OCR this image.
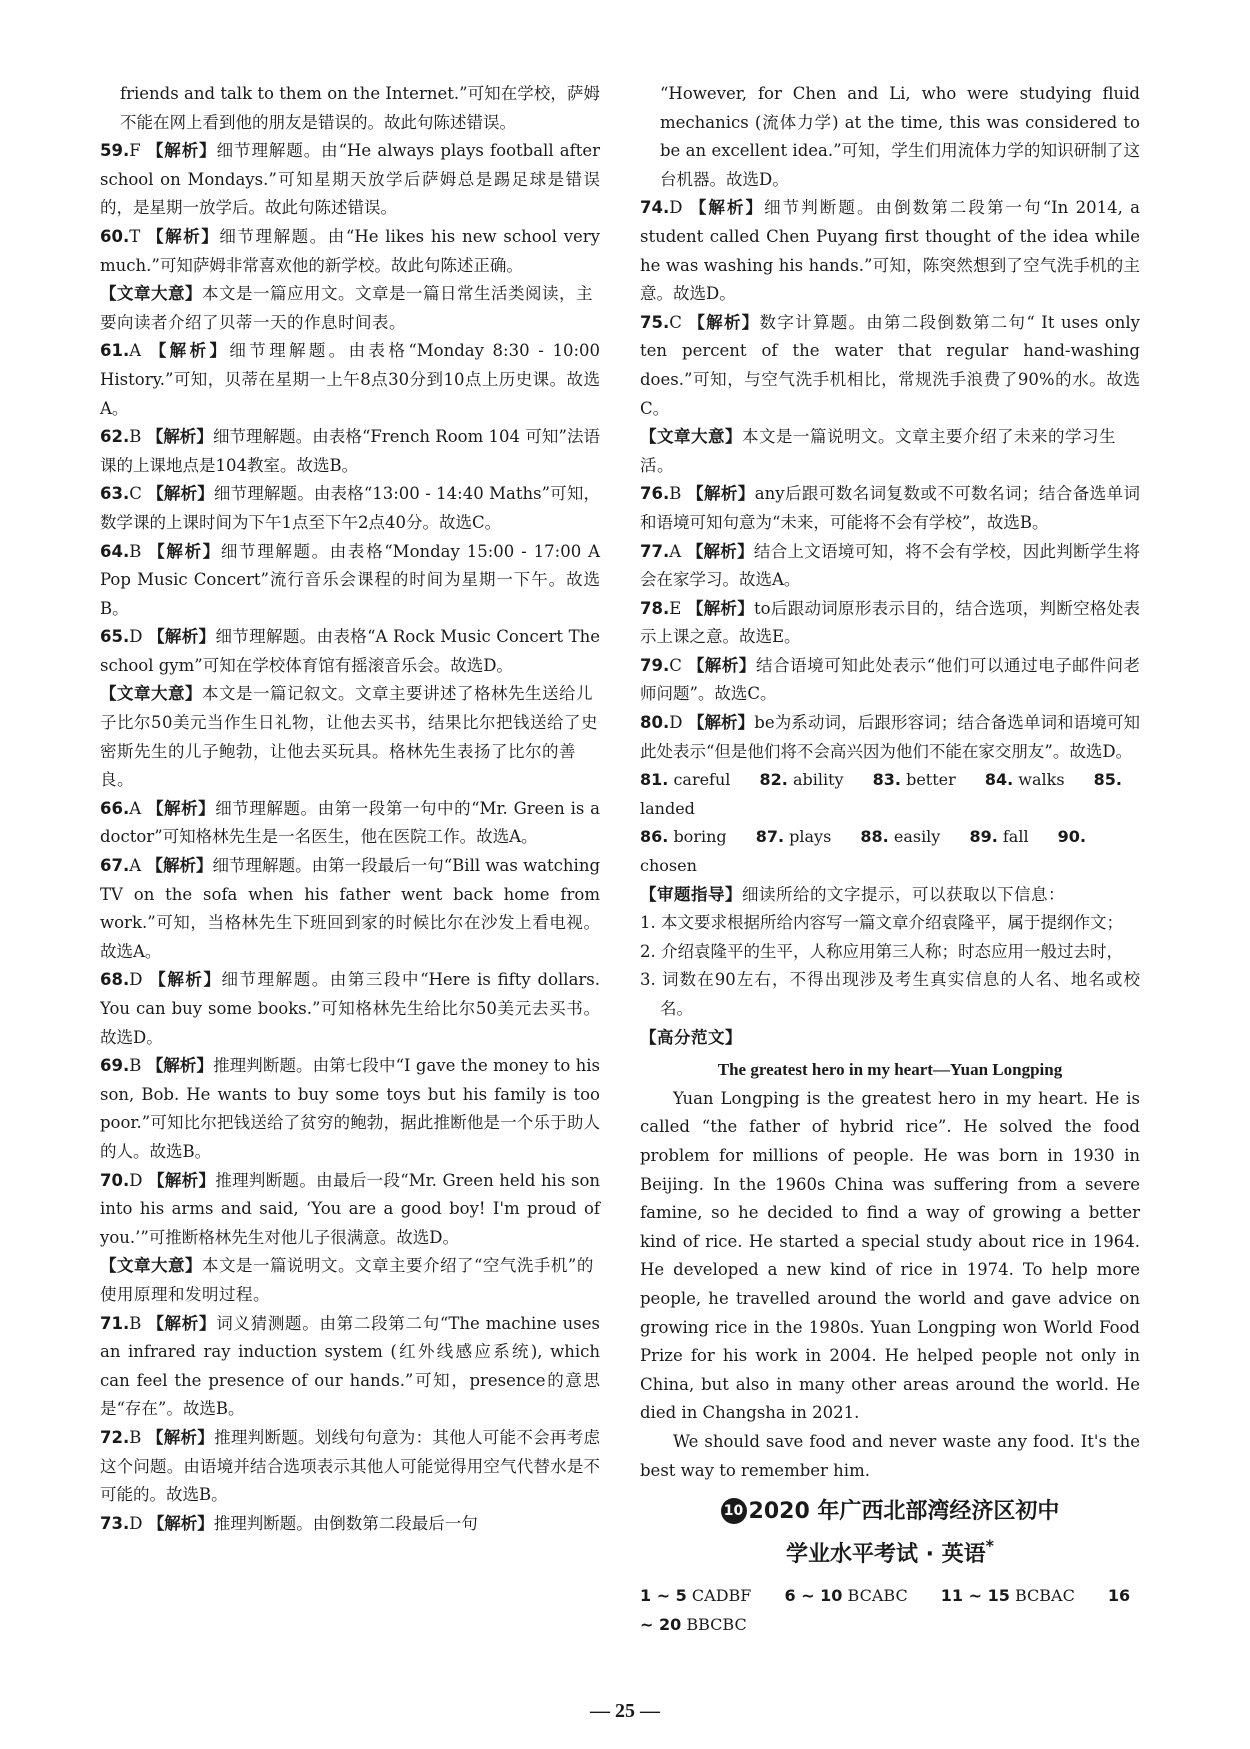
friends and talk to them on the Internet.”可知在学校，萨姆不能在网上看到他的朋友是错误的。故此句陈述错误。

59.F 【解析】细节理解题。由“He always plays football after school on Mondays.”可知星期天放学后萨姆总是踢足球是错误的，是星期一放学后。故此句陈述错误。

60.T 【解析】细节理解题。由“He likes his new school very much.”可知萨姆非常喜欢他的新学校。故此句陈述正确。

【文章大意】本文是一篇应用文。文章是一篇日常生活类阅读，主要向读者介绍了贝蒂一天的作息时间表。

61.A 【解析】细节理解题。由表格“Monday 8:30 - 10:00 History.”可知，贝蒂在星期一上午8点30分到10点上历史课。故选A。

62.B 【解析】细节理解题。由表格“French Room 104 可知”法语课的上课地点是104教室。故选B。

63.C 【解析】细节理解题。由表格“13:00 - 14:40 Maths”可知，数学课的上课时间为下午1点至下午2点40分。故选C。

64.B 【解析】细节理解题。由表格“Monday 15:00 - 17:00 A Pop Music Concert”流行音乐会课程的时间为星期一下午。故选B。

65.D 【解析】细节理解题。由表格“A Rock Music Concert The school gym”可知在学校体育馆有摇滚音乐会。故选D。

【文章大意】本文是一篇记叙文。文章主要讲述了格林先生送给儿子比尔50美元当作生日礼物，让他去买书，结果比尔把钱送给了史密斯先生的儿子鲍勃，让他去买玩具。格林先生表扬了比尔的善良。

66.A 【解析】细节理解题。由第一段第一句中的“Mr. Green is a doctor”可知格林先生是一名医生，他在医院工作。故选A。

67.A 【解析】细节理解题。由第一段最后一句“Bill was watching TV on the sofa when his father went back home from work.”可知，当格林先生下班回到家的时候比尔在沙发上看电视。故选A。

68.D 【解析】细节理解题。由第三段中“Here is fifty dollars. You can buy some books.”可知格林先生给比尔50美元去买书。故选D。

69.B 【解析】推理判断题。由第七段中“I gave the money to his son, Bob. He wants to buy some toys but his family is too poor.”可知比尔把钱送给了贫穷的鲍勃，据此推断他是一个乐于助人的人。故选B。

70.D 【解析】推理判断题。由最后一段“Mr. Green held his son into his arms and said, ‘You are a good boy! I'm proud of you.’”可推断格林先生对他儿子很满意。故选D。

【文章大意】本文是一篇说明文。文章主要介绍了“空气洗手机”的使用原理和发明过程。

71.B 【解析】词义猜测题。由第二段第二句“The machine uses an infrared ray induction system (红外线感应系统), which can feel the presence of our hands.”可知，presence的意思是“存在”。故选B。

72.B 【解析】推理判断题。划线句句意为：其他人可能不会再考虑这个问题。由语境并结合选项表示其他人可能觉得用空气代替水是不可能的。故选B。

73.D 【解析】推理判断题。由倒数第二段最后一句

“However, for Chen and Li, who were studying fluid mechanics (流体力学) at the time, this was considered to be an excellent idea.”可知，学生们用流体力学的知识研制了这台机器。故选D。

74.D 【解析】细节判断题。由倒数第二段第一句“In 2014, a student called Chen Puyang first thought of the idea while he was washing his hands.”可知，陈突然想到了空气洗手机的主意。故选D。

75.C 【解析】数字计算题。由第二段倒数第二句“ It uses only ten percent of the water that regular hand-washing does.”可知，与空气洗手机相比，常规洗手浪费了90%的水。故选C。

【文章大意】本文是一篇说明文。文章主要介绍了未来的学习生活。

76.B 【解析】any后跟可数名词复数或不可数名词；结合备选单词和语境可知句意为“未来，可能将不会有学校”，故选B。

77.A 【解析】结合上文语境可知，将不会有学校，因此判断学生将会在家学习。故选A。

78.E 【解析】to后跟动词原形表示目的，结合选项，判断空格处表示上课之意。故选E。

79.C 【解析】结合语境可知此处表示“他们可以通过电子邮件问老师问题”。故选C。

80.D 【解析】be为系动词，后跟形容词；结合备选单词和语境可知此处表示“但是他们将不会高兴因为他们不能在家交朋友”。故选D。

81. careful 82. ability 83. better 84. walks 85. landed

86. boring 87. plays 88. easily 89. fall 90. chosen

【审题指导】细读所给的文字提示，可以获取以下信息：

1. 本文要求根据所给内容写一篇文章介绍袁隆平，属于提纲作文；

2. 介绍袁隆平的生平，人称应用第三人称；时态应用一般过去时，

3. 词数在90左右，不得出现涉及考生真实信息的人名、地名或校名。

【高分范文】

The greatest hero in my heart—Yuan Longping

Yuan Longping is the greatest hero in my heart. He is called “the father of hybrid rice”. He solved the food problem for millions of people. He was born in 1930 in Beijing. In the 1960s China was suffering from a severe famine, so he decided to find a way of growing a better kind of rice. He started a special study about rice in 1964. He developed a new kind of rice in 1974. To help more people, he travelled around the world and gave advice on growing rice in the 1980s. Yuan Longping won World Food Prize for his work in 2004. He helped people not only in China, but also in many other areas around the world. He died in Changsha in 2021.

We should save food and never waste any food. It's the best way to remember him.

10 2020 年广西北部湾经济区初中
学业水平考试 · 英语*

1 ~ 5 CADBF 6 ~ 10 BCABC 11 ~ 15 BCBAC 16 ~ 20 BBCBC

— 25 —
